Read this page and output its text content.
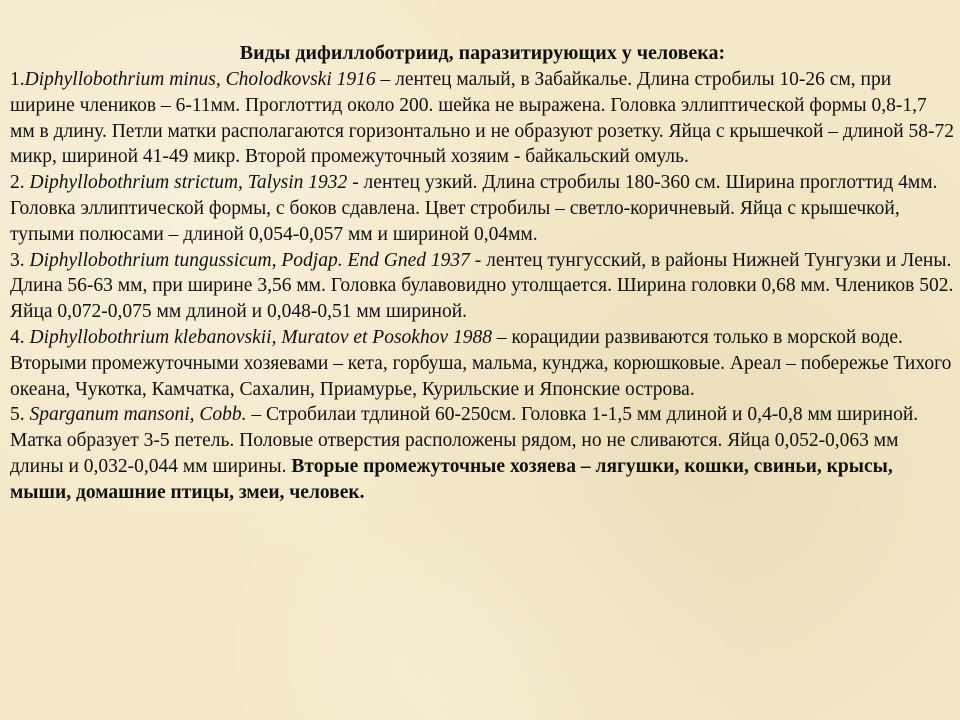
Виды дифиллоботриид, паразитирующих у человека:

1.Diphyllobothrium minus, Cholodkovski 1916 – лентец малый, в Забайкалье. Длина стробилы 10-26 см, при ширине члеников – 6-11мм. Проглоттид около 200. шейка не выражена. Головка эллиптической формы 0,8-1,7 мм в длину. Петли матки располагаются горизонтально и не образуют розетку. Яйца с крышечкой – длиной 58-72 микр, шириной 41-49 микр. Второй промежуточный хозяим - байкальский омуль.

2. Diphyllobothrium strictum, Talysin 1932 - лентец узкий. Длина стробилы 180-360 см. Ширина проглоттид 4мм. Головка эллиптической формы, с боков сдавлена. Цвет стробилы – светло-коричневый. Яйца с крышечкой, тупыми полюсами – длиной 0,054-0,057 мм и шириной 0,04мм.

3. Diphyllobothrium tungussicum, Podjap. End Gned 1937 - лентец тунгусский, в районы Нижней Тунгузки и Лены. Длина 56-63 мм, при ширине 3,56 мм. Головка булавовидно утолщается. Ширина головки 0,68 мм. Члеников 502. Яйца 0,072-0,075 мм длиной и 0,048-0,51 мм шириной.

4. Diphyllobothrium klebanovskii, Muratov et Posokhov 1988 – корацидии развиваются только в морской воде. Вторыми промежуточными хозяевами – кета, горбуша, мальма, кунджа, корюшковые. Ареал – побережье Тихого океана, Чукотка, Камчатка, Сахалин, Приамурье, Курильские и Японские острова.

5. Sparganum mansoni, Cobb. – Стробилаи тдлиной 60-250см. Головка 1-1,5 мм длиной и 0,4-0,8 мм шириной. Матка образует 3-5 петель. Половые отверстия расположены рядом, но не сливаются. Яйца 0,052-0,063 мм длины и 0,032-0,044 мм ширины. Вторые промежуточные хозяева – лягушки, кошки, свиньи, крысы, мыши, домашние птицы, змеи, человек.
